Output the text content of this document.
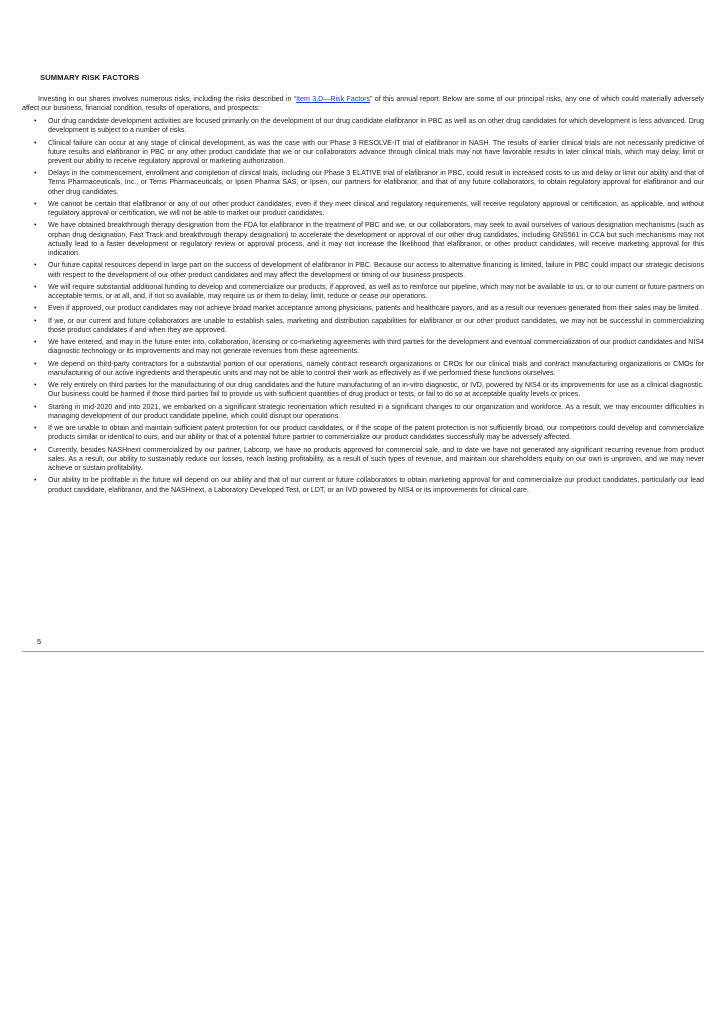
SUMMARY RISK FACTORS

Investing in our shares involves numerous risks, including the risks described in “Item 3.D—Risk Factors” of this annual report. Below are some of our principal risks, any one of which could materially adversely affect our business, financial condition, results of operations, and prospects:

• Our drug candidate development activities are focused primarily on the development of our drug candidate elafibranor in PBC as well as on other drug candidates for which development is less advanced. Drug development is subject to a number of risks.
• Clinical failure can occur at any stage of clinical development, as was the case with our Phase 3 RESOLVE-IT trial of elafibranor in NASH. The results of earlier clinical trials are not necessarily predictive of future results and elafibranor in PBC or any other product candidate that we or our collaborators advance through clinical trials may not have favorable results in later clinical trials, which may delay, limit or prevent our ability to receive regulatory approval or marketing authorization.
• Delays in the commencement, enrollment and completion of clinical trials, including our Phase 3 ELATIVE trial of elafibranor in PBC, could result in increased costs to us and delay or limit our ability and that of Terns Pharmaceuticals, Inc., or Terns Pharmaceuticals, or Ipsen Pharma SAS, or Ipsen, our partners for elafibranor, and that of any future collaborators, to obtain regulatory approval for elafibranor and our other drug candidates.
• We cannot be certain that elafibranor or any of our other product candidates, even if they meet clinical and regulatory requirements, will receive regulatory approval or certification, as applicable, and without regulatory approval or certification, we will not be able to market our product candidates.
• We have obtained breakthrough therapy designation from the FDA for elafibranor in the treatment of PBC and we, or our collaborators, may seek to avail ourselves of various designation mechanisms (such as orphan drug designation, Fast Track and breakthrough therapy designation) to accelerate the development or approval of our other drug candidates, including GNS561 in CCA but such mechanisms may not actually lead to a faster development or regulatory review or approval process, and it may not increase the likelihood that elafibranor, or other product candidates, will receive marketing approval for this indication.
• Our future capital resources depend in large part on the success of development of elafibranor in PBC. Because our access to alternative financing is limited, failure in PBC could impact our strategic decisions with respect to the development of our other product candidates and may affect the development or timing of our business prospects.
• We will require substantial additional funding to develop and commercialize our products, if approved, as well as to reinforce our pipeline, which may not be available to us, or to our current or future partners on acceptable terms, or at all, and, if not so available, may require us or them to delay, limit, reduce or cease our operations.
• Even if approved, our product candidates may not achieve broad market acceptance among physicians, patients and healthcare payors, and as a result our revenues generated from their sales may be limited.
• If we, or our current and future collaborators are unable to establish sales, marketing and distribution capabilities for elafibranor or our other product candidates, we may not be successful in commercializing those product candidates if and when they are approved.
• We have entered, and may in the future enter into, collaboration, licensing or co-marketing agreements with third parties for the development and eventual commercialization of our product candidates and NIS4 diagnostic technology or its improvements and may not generate revenues from these agreements.
• We depend on third-party contractors for a substantial portion of our operations, namely contract research organizations or CROs for our clinical trials and contract manufacturing organizations or CMOs for manufacturing of our active ingredients and therapeutic units and may not be able to control their work as effectively as if we performed these functions ourselves.
• We rely entirely on third parties for the manufacturing of our drug candidates and the future manufacturing of an in-vitro diagnostic, or IVD, powered by NIS4 or its improvements for use as a clinical diagnostic. Our business could be harmed if those third parties fail to provide us with sufficient quantities of drug product or tests, or fail to do so at acceptable quality levels or prices.
• Starting in mid-2020 and into 2021, we embarked on a significant strategic reorientation which resulted in a significant changes to our organization and workforce. As a result, we may encounter difficulties in managing development of our product candidate pipeline, which could disrupt our operations.
• If we are unable to obtain and maintain sufficient patent protection for our product candidates, or if the scope of the patent protection is not sufficiently broad, our competitors could develop and commercialize products similar or identical to ours, and our ability or that of a potential future partner to commercialize our product candidates successfully may be adversely affected.
• Currently, besides NASHnext commercialized by our partner, Labcorp, we have no products approved for commercial sale, and to date we have not generated any significant recurring revenue from product sales. As a result, our ability to sustainably reduce our losses, reach lasting profitability, as a result of such types of revenue, and maintain our shareholders equity on our own is unproven, and we may never achieve or sustain profitability.
• Our ability to be profitable in the future will depend on our ability and that of our current or future collaborators to obtain marketing approval for and commercialize our product candidates, particularly our lead product candidate, elafibranor, and the NASHnext, a Laboratory Developed Test, or LDT, or an IVD powered by NIS4 or its improvements for clinical care.
5
